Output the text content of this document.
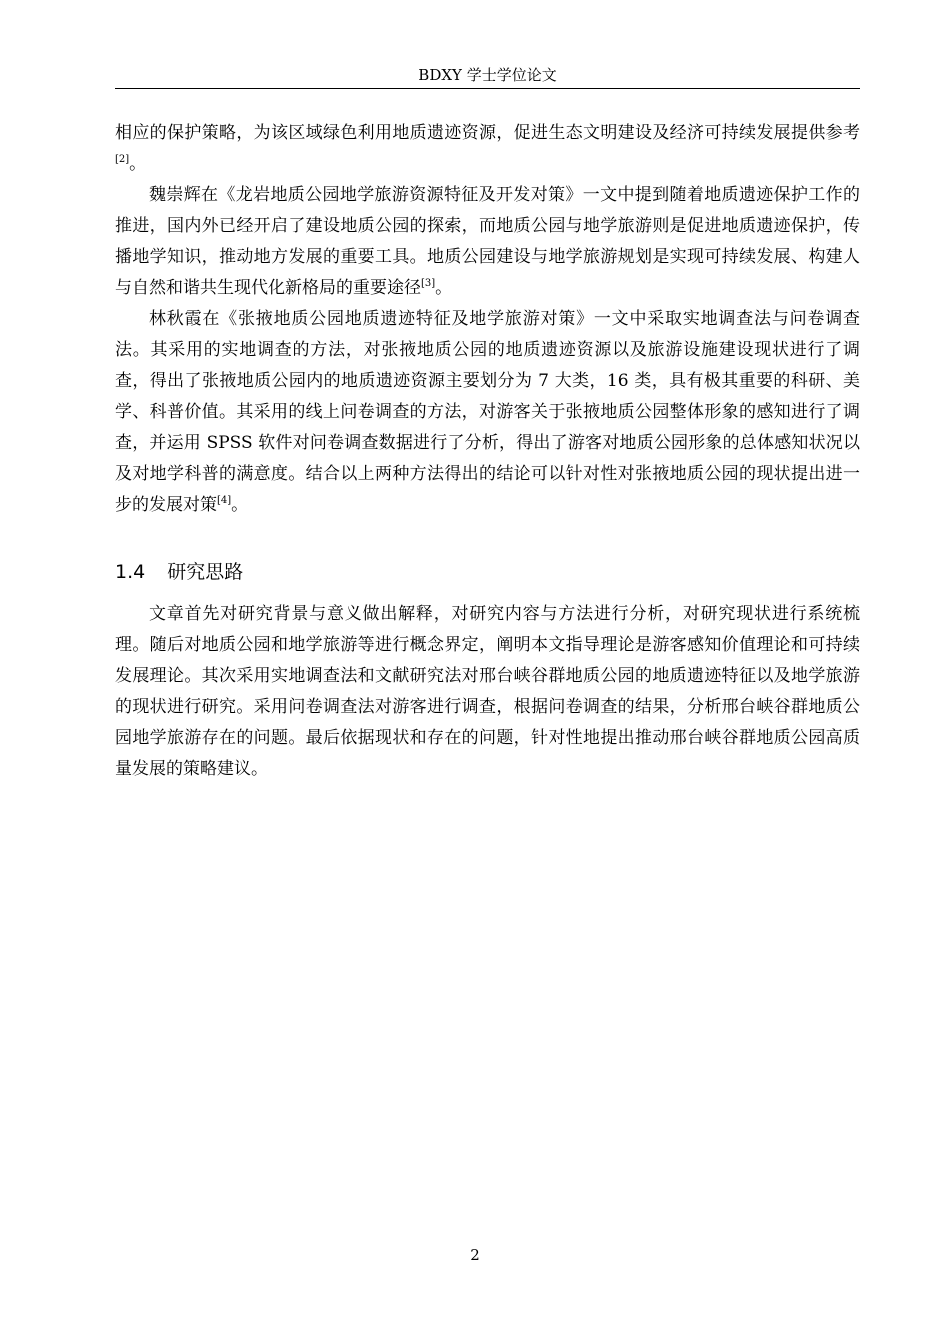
BDXY 学士学位论文

相应的保护策略，为该区域绿色利用地质遗迹资源，促进生态文明建设及经济可持续发展提供参考[2]。

魏崇辉在《龙岩地质公园地学旅游资源特征及开发对策》一文中提到随着地质遗迹保护工作的推进，国内外已经开启了建设地质公园的探索，而地质公园与地学旅游则是促进地质遗迹保护，传播地学知识，推动地方发展的重要工具。地质公园建设与地学旅游规划是实现可持续发展、构建人与自然和谐共生现代化新格局的重要途径[3]。

林秋霞在《张掖地质公园地质遗迹特征及地学旅游对策》一文中采取实地调查法与问卷调查法。其采用的实地调查的方法，对张掖地质公园的地质遗迹资源以及旅游设施建设现状进行了调查，得出了张掖地质公园内的地质遗迹资源主要划分为 7 大类，16 类，具有极其重要的科研、美学、科普价值。其采用的线上问卷调查的方法，对游客关于张掖地质公园整体形象的感知进行了调查，并运用 SPSS 软件对问卷调查数据进行了分析，得出了游客对地质公园形象的总体感知状况以及对地学科普的满意度。结合以上两种方法得出的结论可以针对性对张掖地质公园的现状提出进一步的发展对策[4]。

1.4 研究思路

文章首先对研究背景与意义做出解释，对研究内容与方法进行分析，对研究现状进行系统梳理。随后对地质公园和地学旅游等进行概念界定，阐明本文指导理论是游客感知价值理论和可持续发展理论。其次采用实地调查法和文献研究法对邢台峡谷群地质公园的地质遗迹特征以及地学旅游的现状进行研究。采用问卷调查法对游客进行调查，根据问卷调查的结果，分析邢台峡谷群地质公园地学旅游存在的问题。最后依据现状和存在的问题，针对性地提出推动邢台峡谷群地质公园高质量发展的策略建议。

2
